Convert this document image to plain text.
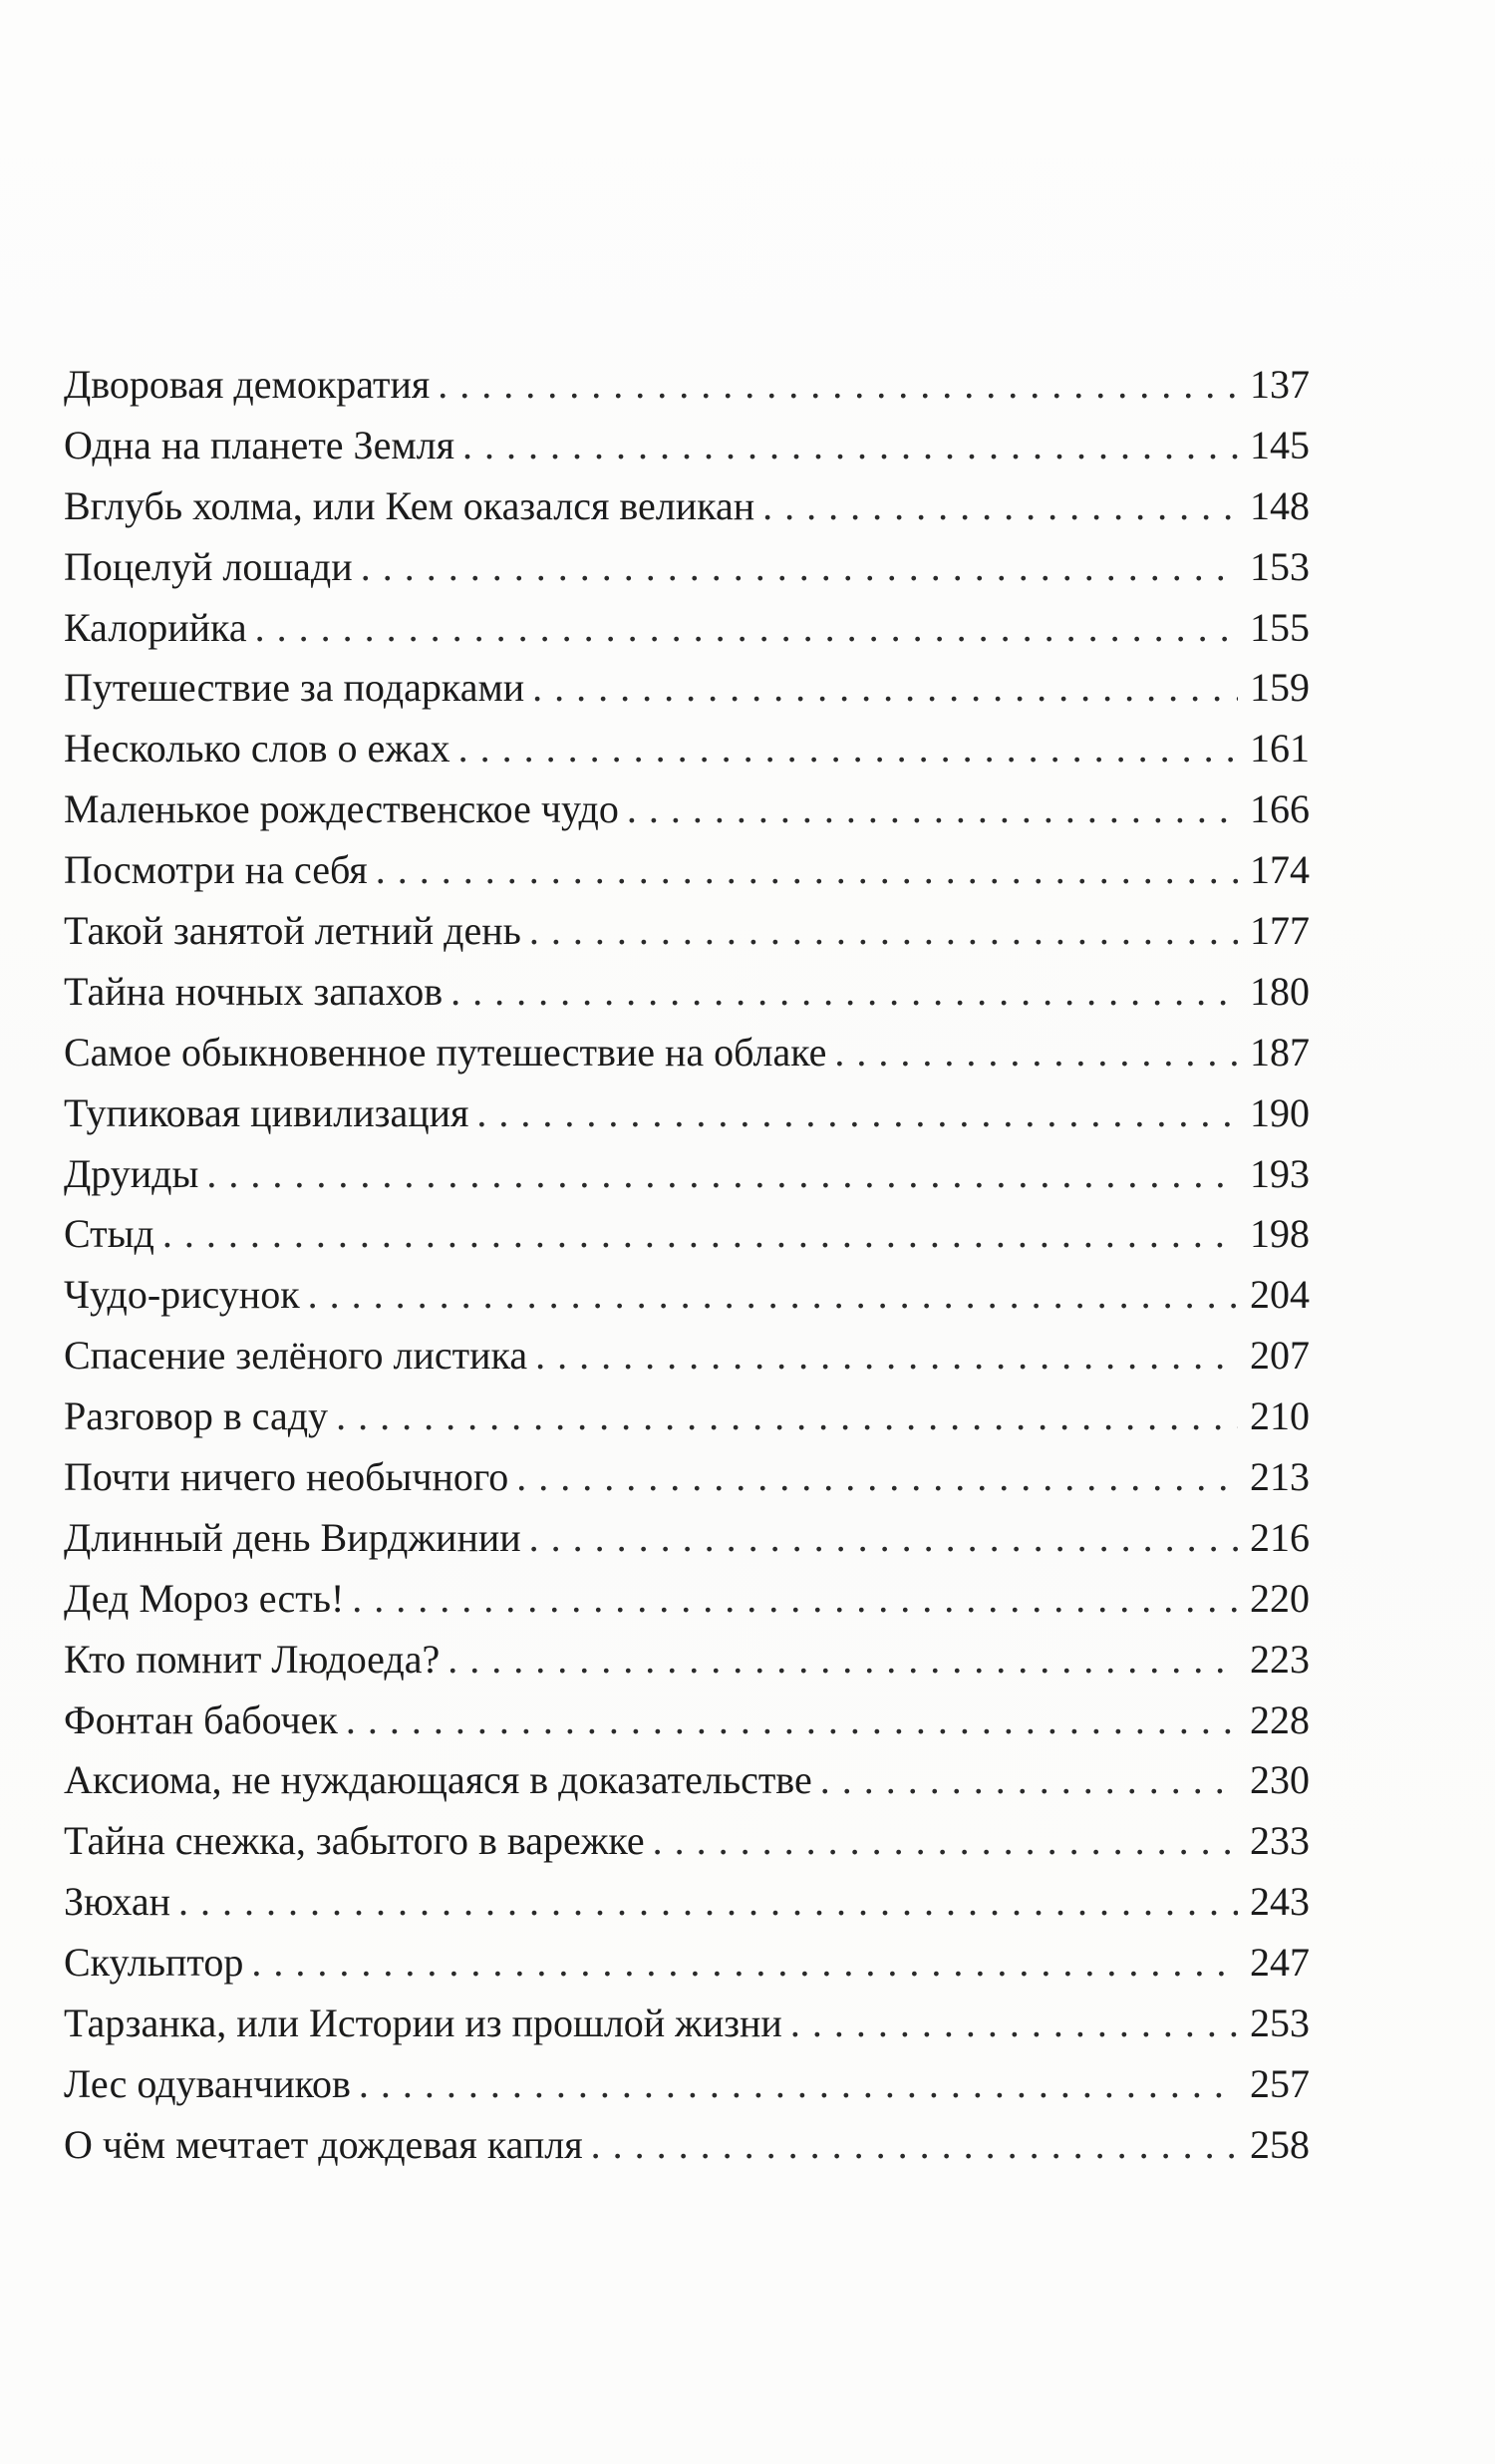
Дворовая демократия . . .	137
Одна на планете Земля . . .	145
Вглубь холма, или Кем оказался великан . . .	148
Поцелуй лошади . . .	153
Калорийка . . .	155
Путешествие за подарками . . .	159
Несколько слов о ежах . . .	161
Маленькое рождественское чудо . . .	166
Посмотри на себя . . .	174
Такой занятой летний день . . .	177
Тайна ночных запахов . . .	180
Самое обыкновенное путешествие на облаке . . .	187
Тупиковая цивилизация . . .	190
Друиды . . .	193
Стыд . . .	198
Чудо-рисунок . . .	204
Спасение зелёного листика . . .	207
Разговор в саду . . .	210
Почти ничего необычного . . .	213
Длинный день Вирджинии . . .	216
Дед Мороз есть! . . .	220
Кто помнит Людоеда? . . .	223
Фонтан бабочек . . .	228
Аксиома, не нуждающаяся в доказательстве . . .	230
Тайна снежка, забытого в варежке . . .	233
Зюхан . . .	243
Скульптор . . .	247
Тарзанка, или Истории из прошлой жизни . . .	253
Лес одуванчиков . . .	257
О чём мечтает дождевая капля . . .	258
